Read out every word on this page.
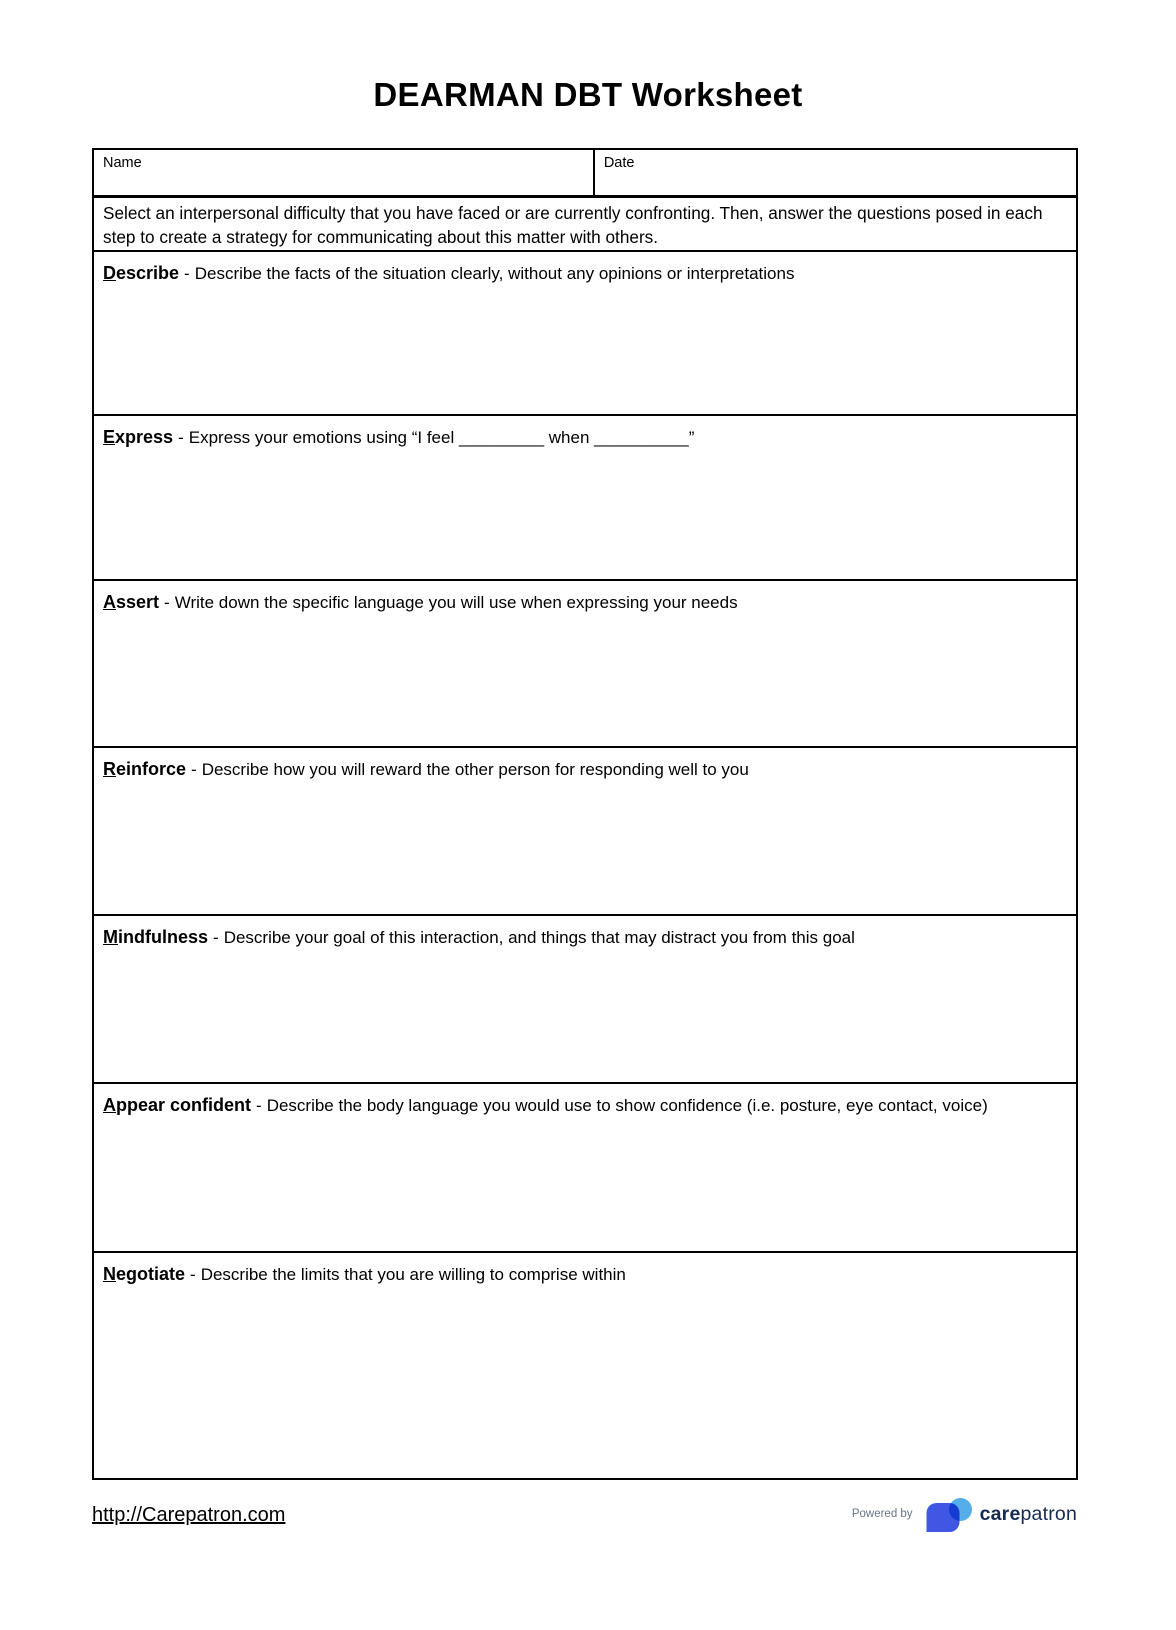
DEARMAN DBT Worksheet
Name	Date
Select an interpersonal difficulty that you have faced or are currently confronting. Then, answer the questions posed in each step to create a strategy for communicating about this matter with others.
Describe - Describe the facts of the situation clearly, without any opinions or interpretations
Express - Express your emotions using “I feel _________ when __________”
Assert - Write down the specific language you will use when expressing your needs
Reinforce - Describe how you will reward the other person for responding well to you
Mindfulness - Describe your goal of this interaction, and things that may distract you from this goal
Appear confident - Describe the body language you would use to show confidence (i.e. posture, eye contact, voice)
Negotiate - Describe the limits that you are willing to comprise within
http://Carepatron.com	Powered by	care patron
